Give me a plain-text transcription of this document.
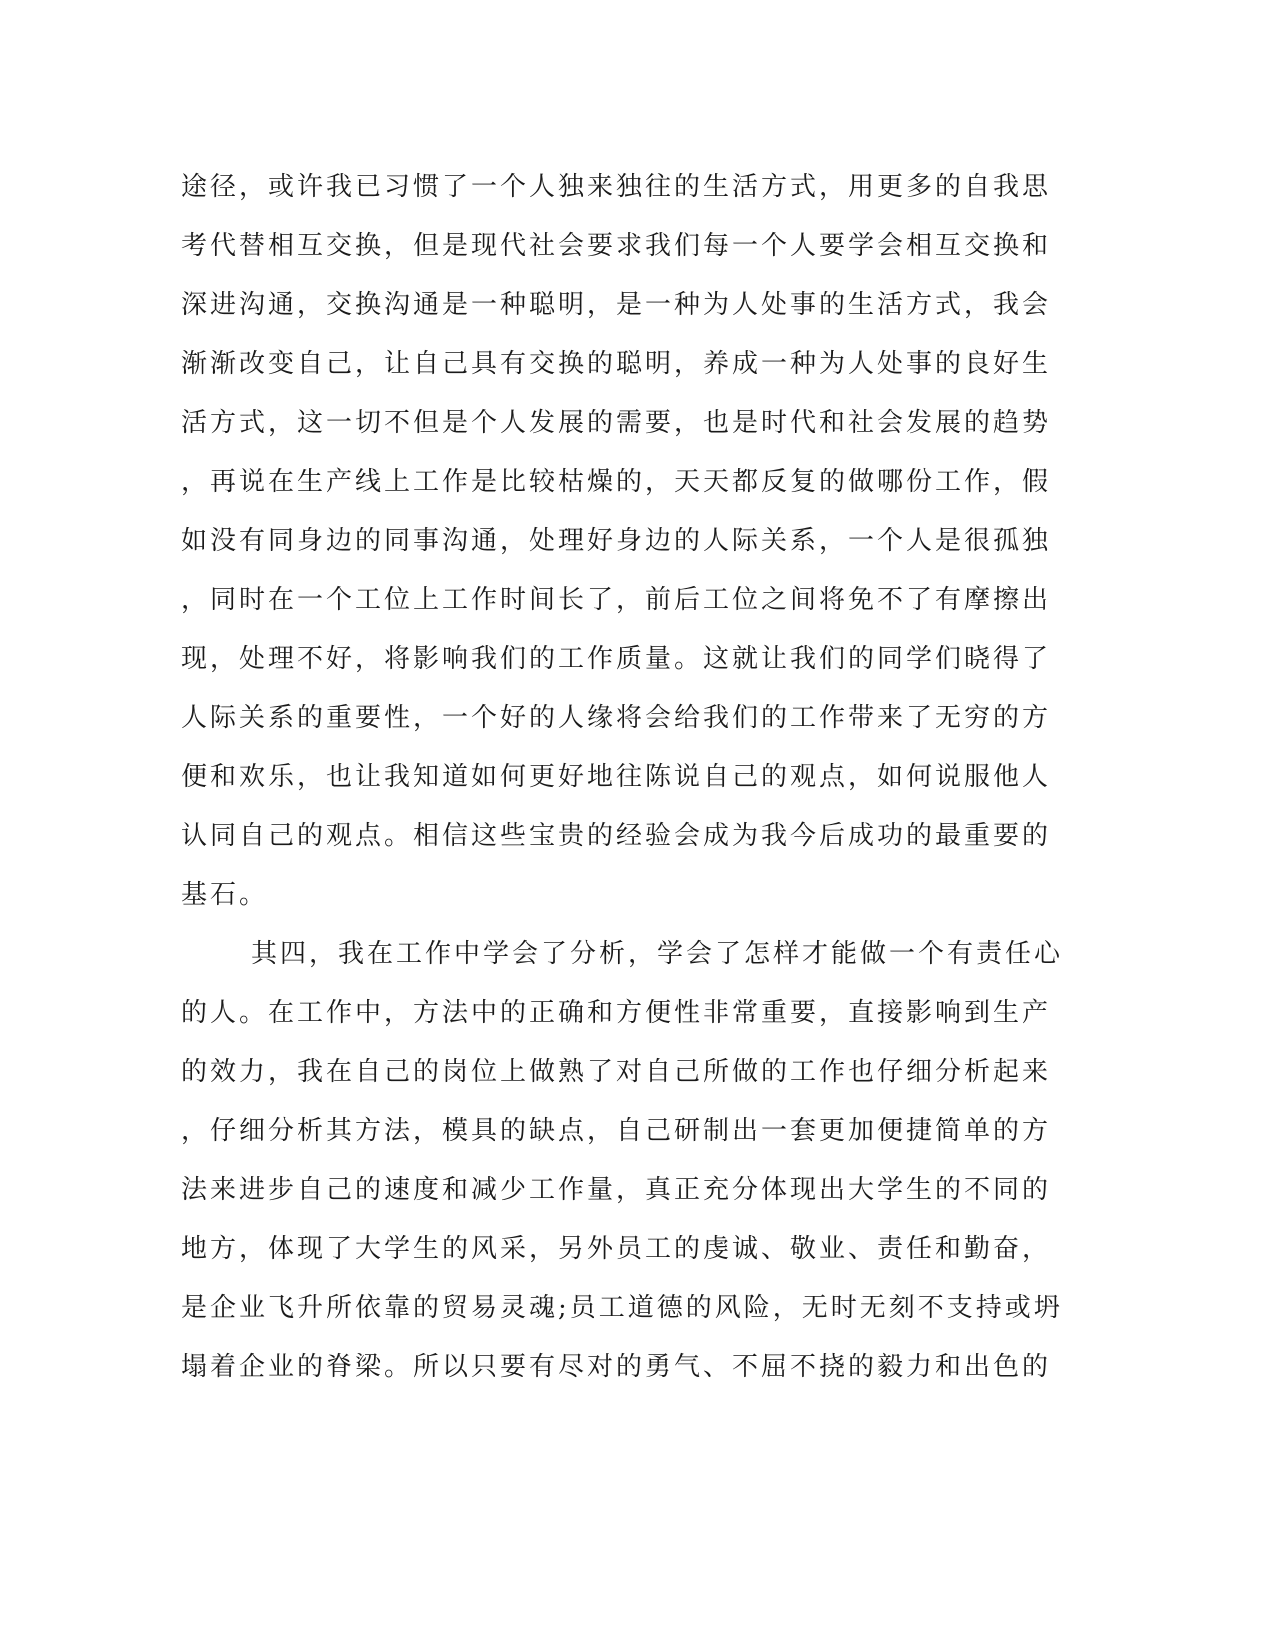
途径，或许我已习惯了一个人独来独往的生活方式，用更多的自我思
考代替相互交换，但是现代社会要求我们每一个人要学会相互交换和
深进沟通，交换沟通是一种聪明，是一种为人处事的生活方式，我会
渐渐改变自己，让自己具有交换的聪明，养成一种为人处事的良好生
活方式，这一切不但是个人发展的需要，也是时代和社会发展的趋势
，再说在生产线上工作是比较枯燥的，天天都反复的做哪份工作，假
如没有同身边的同事沟通，处理好身边的人际关系，一个人是很孤独
，同时在一个工位上工作时间长了，前后工位之间将免不了有摩擦出
现，处理不好，将影响我们的工作质量。这就让我们的同学们晓得了
人际关系的重要性，一个好的人缘将会给我们的工作带来了无穷的方
便和欢乐，也让我知道如何更好地往陈说自己的观点，如何说服他人
认同自己的观点。相信这些宝贵的经验会成为我今后成功的最重要的
基石。
其四，我在工作中学会了分析，学会了怎样才能做一个有责任心
的人。在工作中，方法中的正确和方便性非常重要，直接影响到生产
的效力，我在自己的岗位上做熟了对自己所做的工作也仔细分析起来
，仔细分析其方法，模具的缺点，自己研制出一套更加便捷简单的方
法来进步自己的速度和减少工作量，真正充分体现出大学生的不同的
地方，体现了大学生的风采，另外员工的虔诚、敬业、责任和勤奋，
是企业飞升所依靠的贸易灵魂;员工道德的风险，无时无刻不支持或坍
塌着企业的脊梁。所以只要有尽对的勇气、不屈不挠的毅力和出色的
